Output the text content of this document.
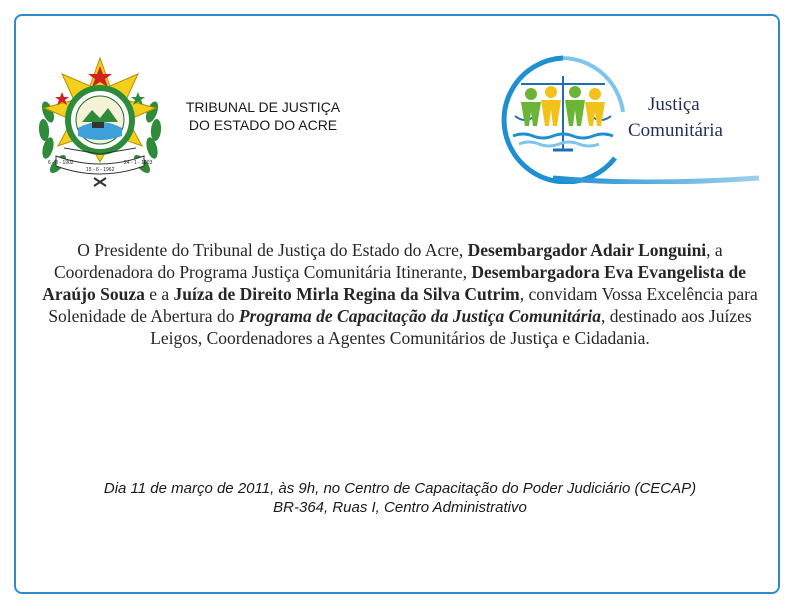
6 - 8 - 1902
15 - 6 - 1962
24 - 1 - 1903
TRIBUNAL DE JUSTIÇA
DO ESTADO DO ACRE
Justiça
Comunitária
O Presidente do Tribunal de Justiça do Estado do Acre, Desembargador Adair Longuini, a Coordenadora do Programa Justiça Comunitária Itinerante, Desembargadora Eva Evangelista de Araújo Souza e a Juíza de Direito Mirla Regina da Silva Cutrim, convidam Vossa Excelência para Solenidade de Abertura do Programa de Capacitação da Justiça Comunitária, destinado aos Juízes Leigos, Coordenadores a Agentes Comunitários de Justiça e Cidadania.
Dia 11 de março de 2011, às 9h, no Centro de Capacitação do Poder Judiciário (CECAP)
BR-364, Ruas I, Centro Administrativo
